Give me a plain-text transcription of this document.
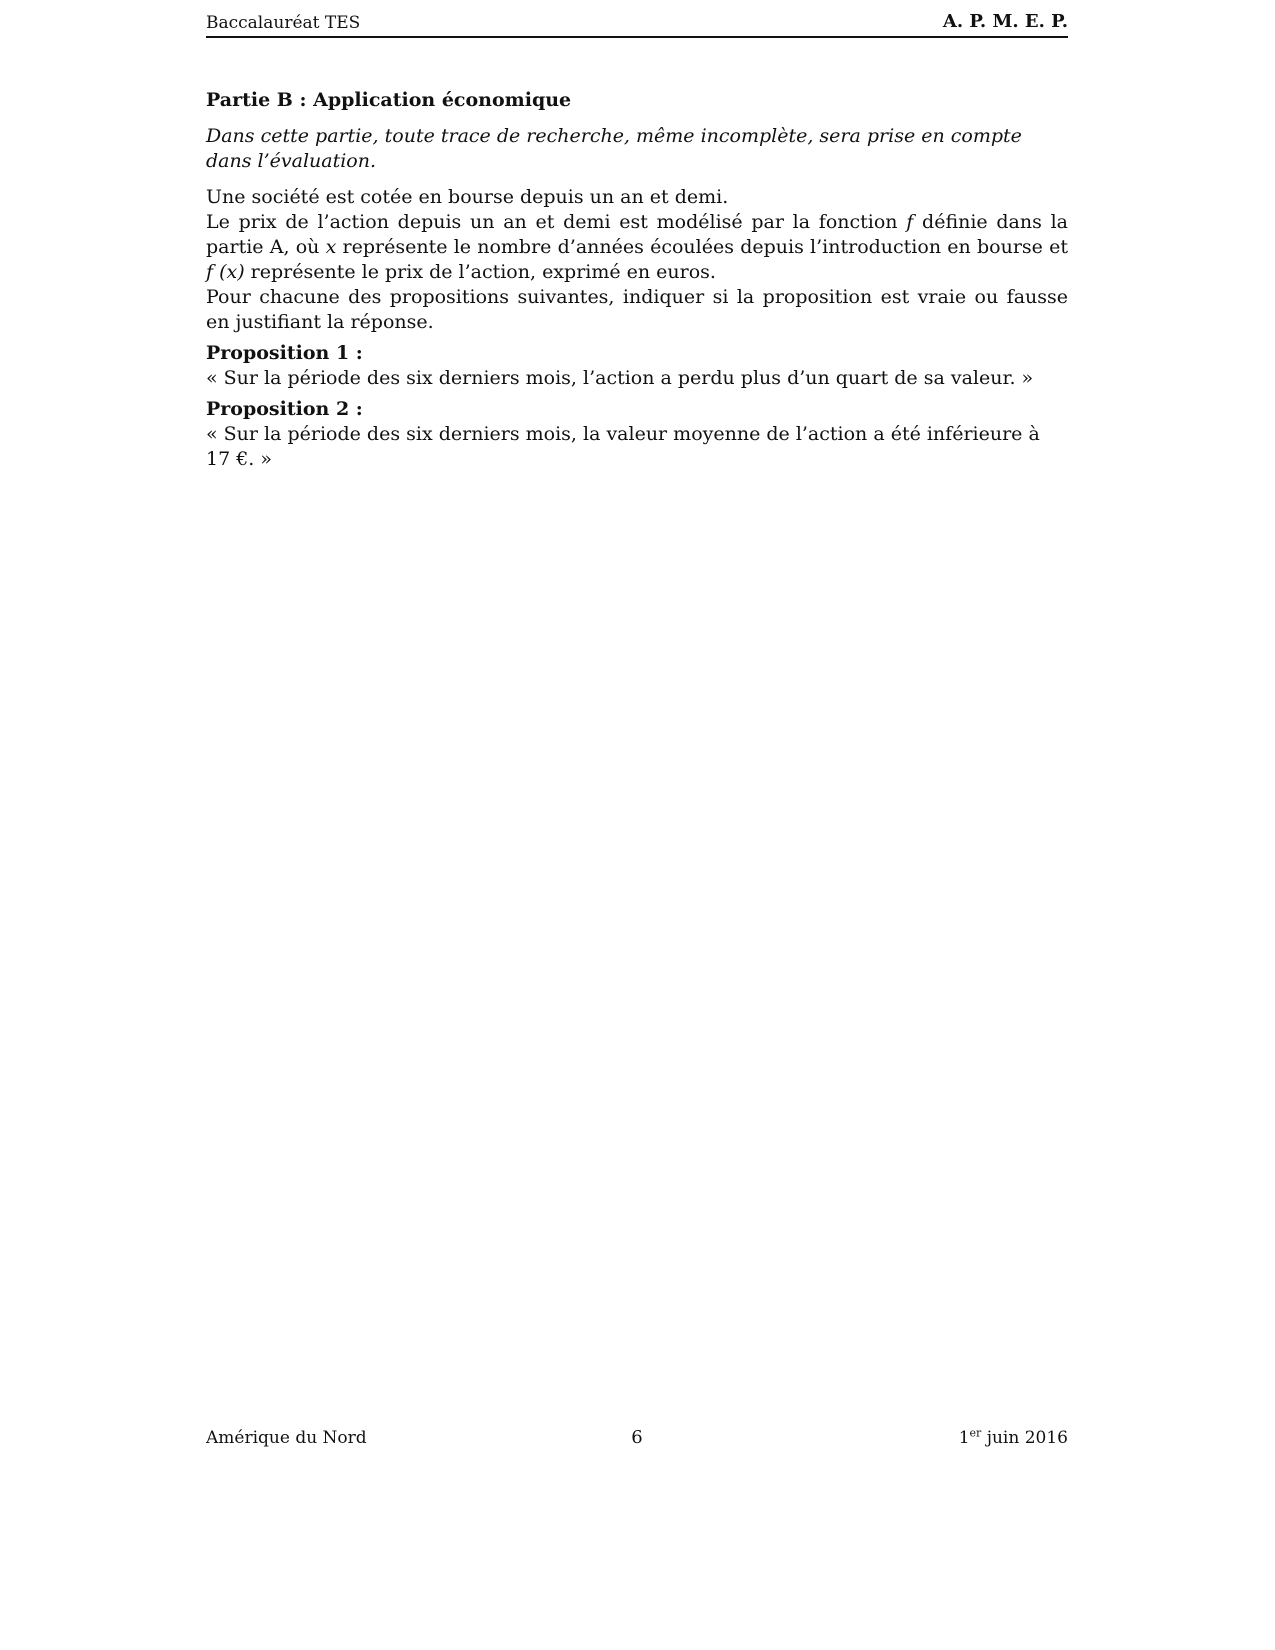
Baccalauréat TES	A. P. M. E. P.

Partie B : Application économique

Dans cette partie, toute trace de recherche, même incomplète, sera prise en compte dans l’évaluation.

Une société est cotée en bourse depuis un an et demi.

Le prix de l’action depuis un an et demi est modélisé par la fonction f définie dans la partie A, où x représente le nombre d’années écoulées depuis l’introduction en bourse et f (x) représente le prix de l’action, exprimé en euros.

Pour chacune des propositions suivantes, indiquer si la proposition est vraie ou fausse en justifiant la réponse.

Proposition 1 :

« Sur la période des six derniers mois, l’action a perdu plus d’un quart de sa valeur. »

Proposition 2 :

« Sur la période des six derniers mois, la valeur moyenne de l’action a été inférieure à 17 €. »

Amérique du Nord	6	1er juin 2016
